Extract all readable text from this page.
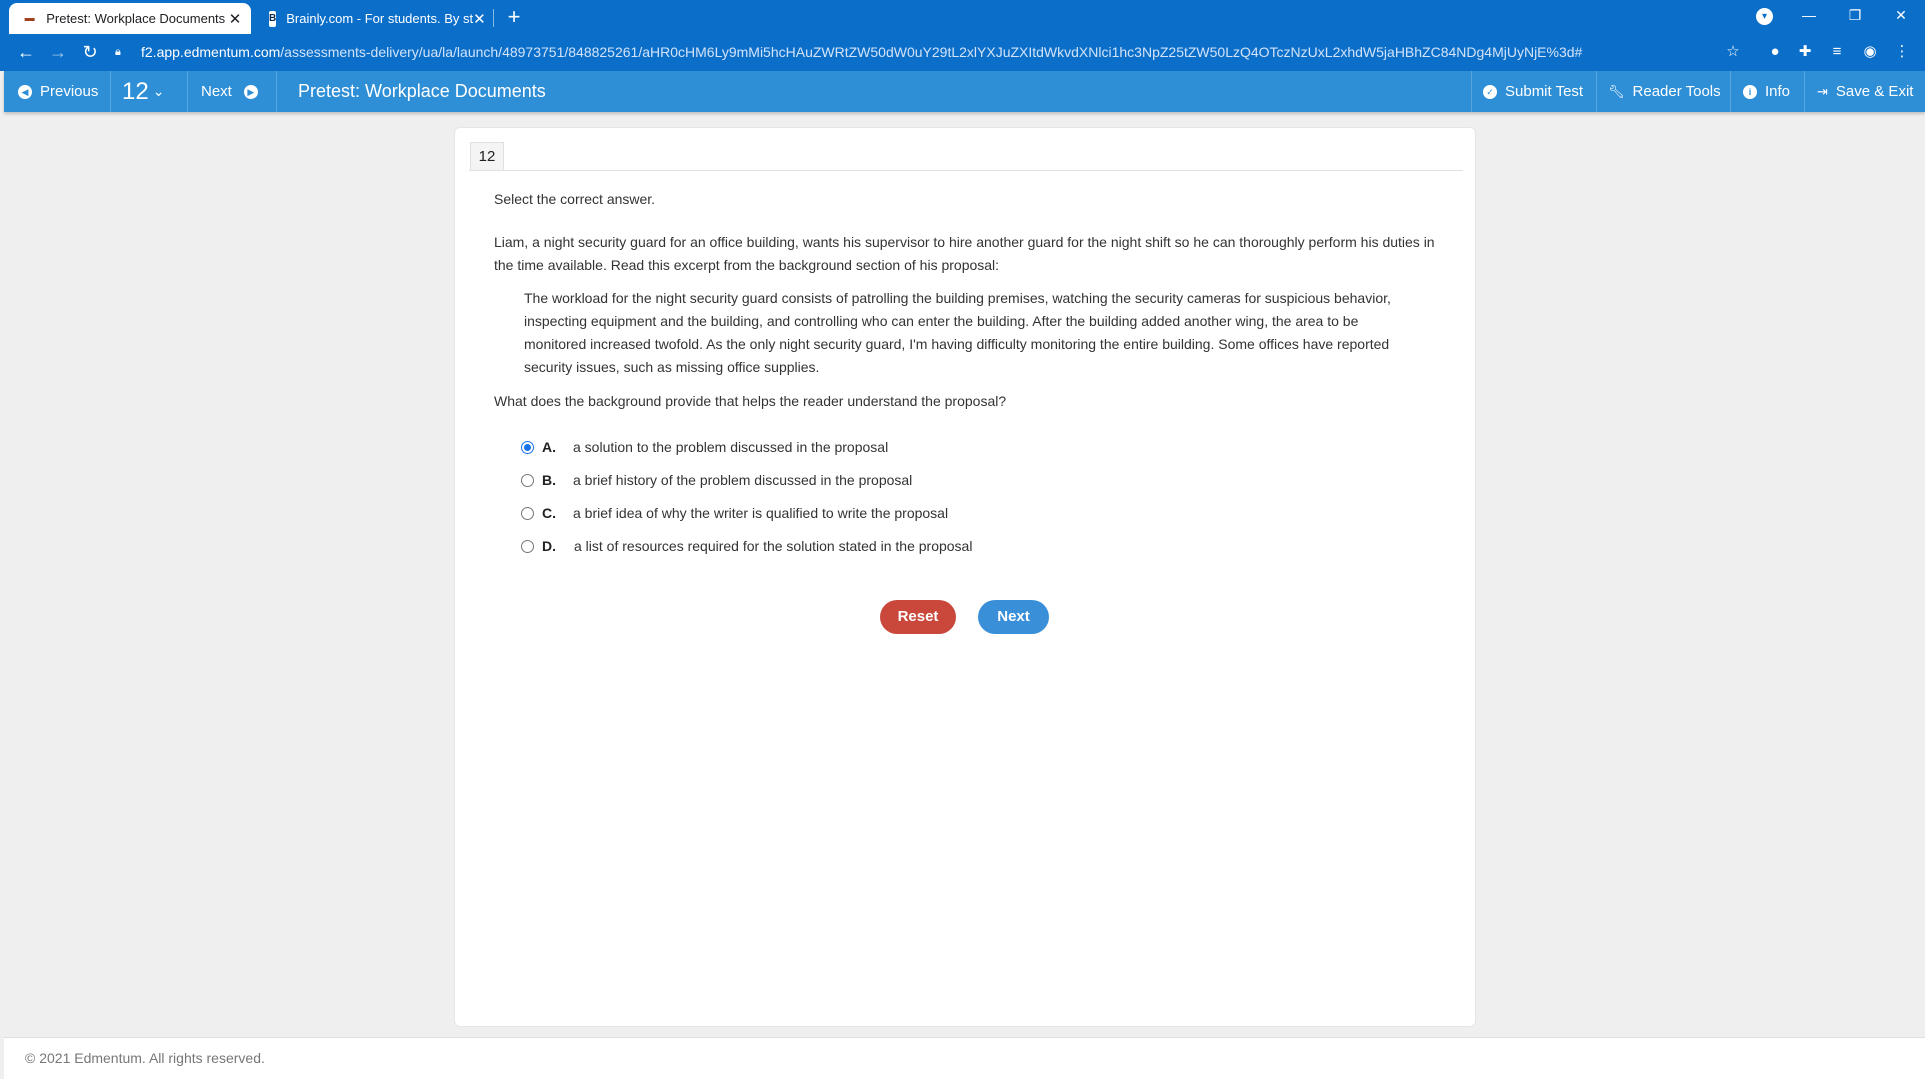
▬ Pretest: Workplace Documents ✕	B Brainly.com - For students. By st ✕ +	▾	—	❐	✕
← → ↻	🔒︎	f2.app.edmentum.com /assessments-delivery/ua/la/launch/48973751/848825261/aHR0cHM6Ly9mMi5hcHAuZWRtZW50dW0uY29tL2xlYXJuZXItdWkvdXNlci1hc3NpZ25tZW50LzQ4OTczNzUxL2xhdW5jaHBhZC84NDg4MjUyNjE%3d#	☆	●	✚	≡	◉ ⋮
◀ Previous 12 ⌄ Next	▶ Pretest: Workplace Documents	✓ Submit Test 🔧︎ Reader Tools	i Info ⇥ Save & Exit
12
Select the correct answer.
Liam, a night security guard for an office building, wants his supervisor to hire another guard for the night shift so he can thoroughly perform his duties in the time available. Read this excerpt from the background section of his proposal:
The workload for the night security guard consists of patrolling the building premises, watching the security cameras for suspicious behavior, inspecting equipment and the building, and controlling who can enter the building. After the building added another wing, the area to be monitored increased twofold. As the only night security guard, I'm having difficulty monitoring the entire building. Some offices have reported security issues, such as missing office supplies.
What does the background provide that helps the reader understand the proposal?
A.	a solution to the problem discussed in the proposal
B.	a brief history of the problem discussed in the proposal
C.	a brief idea of why the writer is qualified to write the proposal
D.	a list of resources required for the solution stated in the proposal
Reset	Next
© 2021 Edmentum. All rights reserved.
